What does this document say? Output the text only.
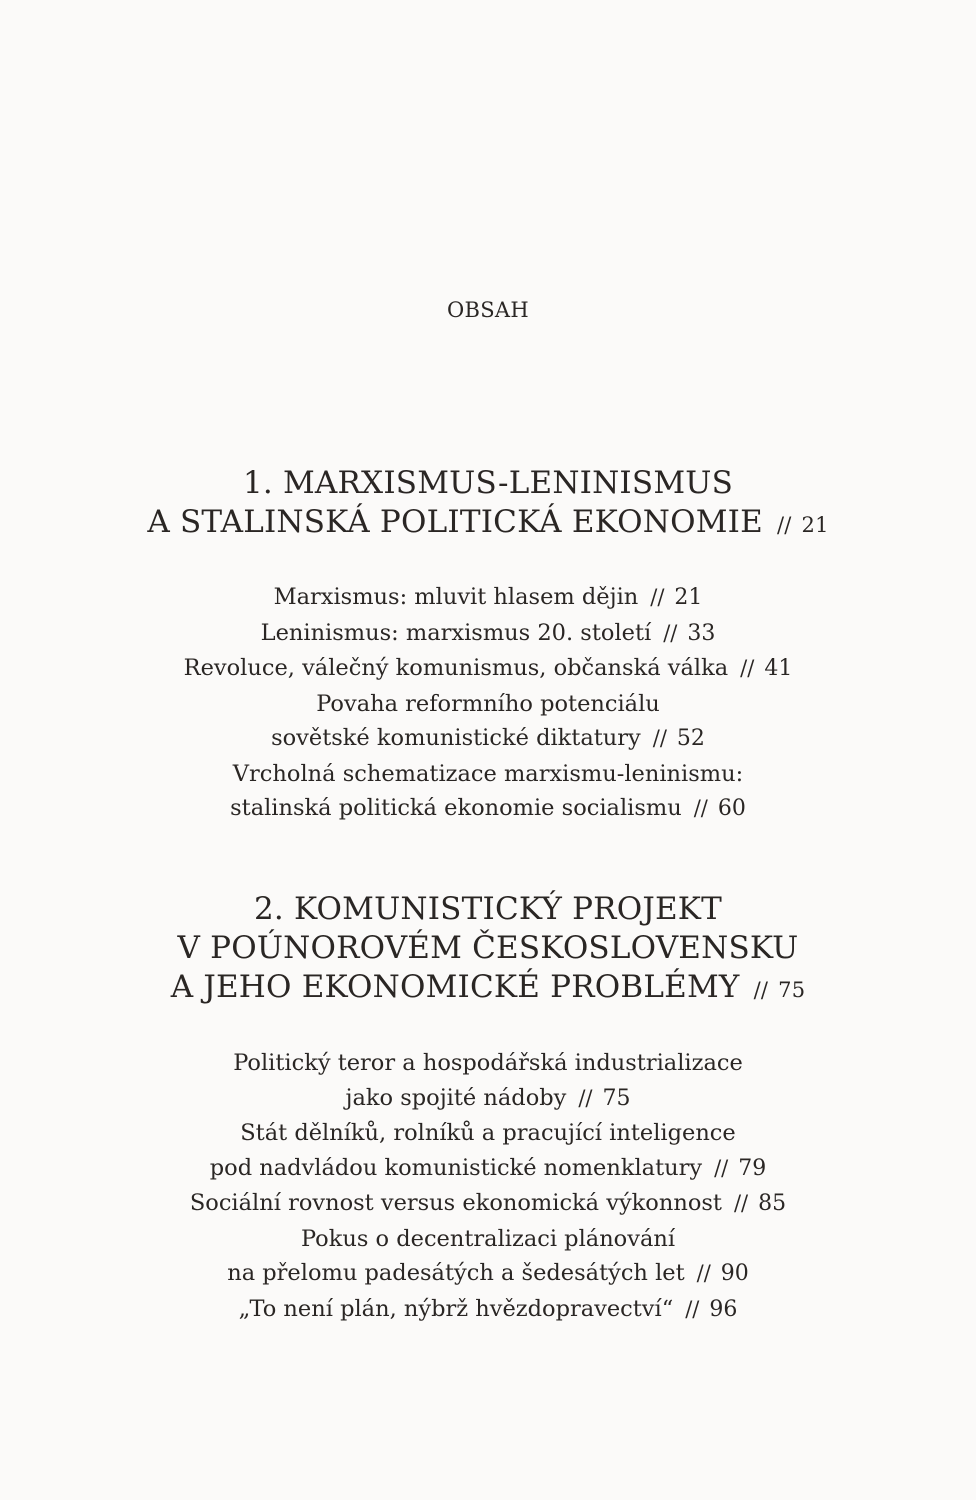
OBSAH
1. MARXISMUS-LENINISMUS
A STALINSKÁ POLITICKÁ EKONOMIE // 21
Marxismus: mluvit hlasem dějin // 21
Leninismus: marxismus 20. století // 33
Revoluce, válečný komunismus, občanská válka // 41
Povaha reformního potenciálu
sovětské komunistické diktatury // 52
Vrcholná schematizace marxismu-leninismu:
stalinská politická ekonomie socialismu // 60
2. KOMUNISTICKÝ PROJEKT
V POÚNOROVÉM ČESKOSLOVENSKU
A JEHO EKONOMICKÉ PROBLÉMY // 75
Politický teror a hospodářská industrializace
jako spojité nádoby // 75
Stát dělníků, rolníků a pracující inteligence
pod nadvládou komunistické nomenklatury // 79
Sociální rovnost versus ekonomická výkonnost // 85
Pokus o decentralizaci plánování
na přelomu padesátých a šedesátých let // 90
„To není plán, nýbrž hvězdopravectví“ // 96
